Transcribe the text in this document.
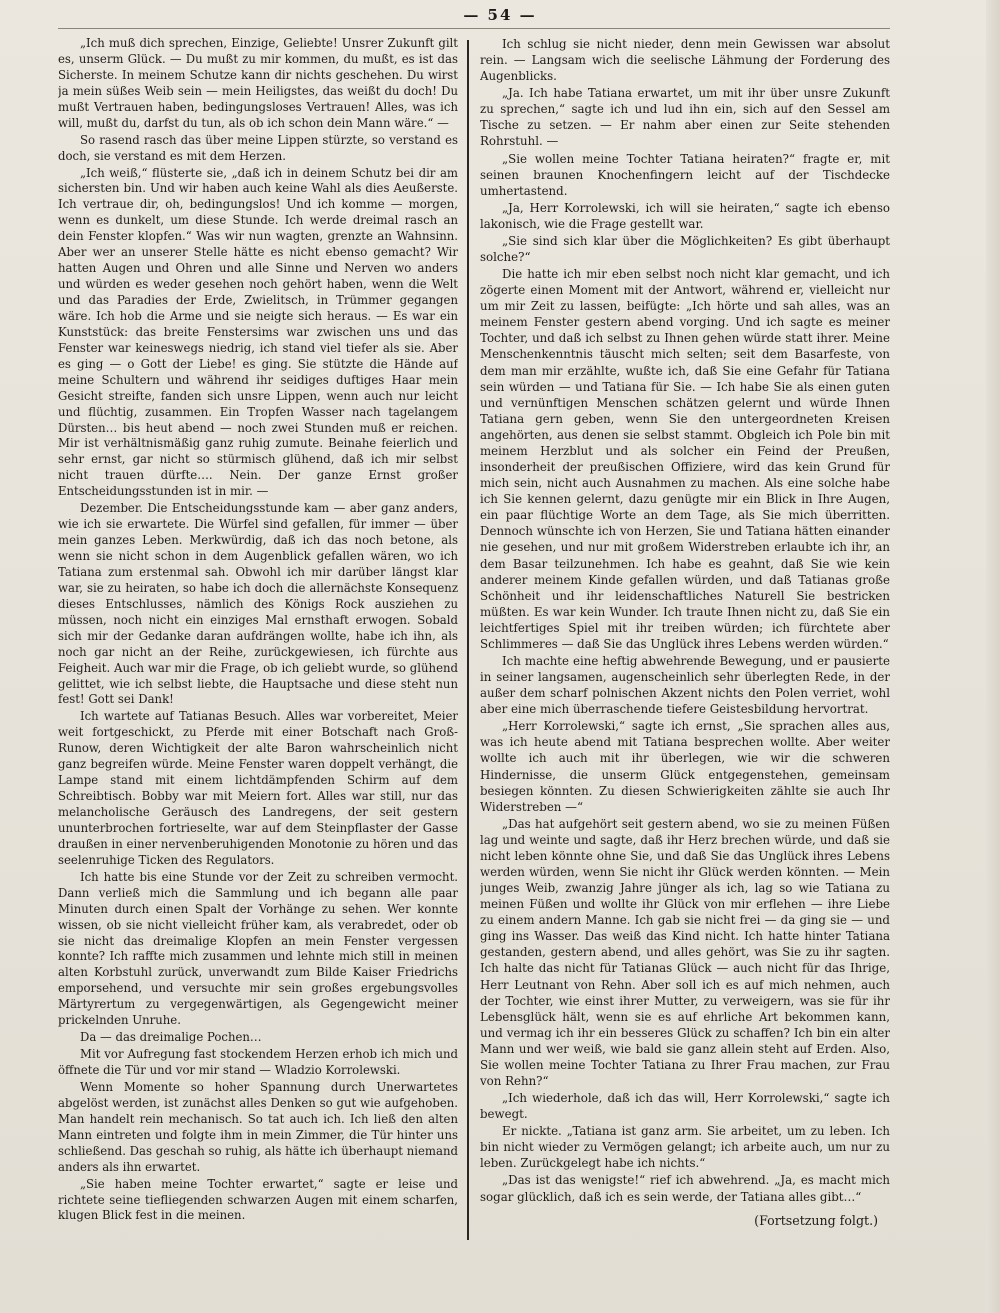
— 54 —

„Ich muß dich sprechen, Einzige, Geliebte! Unsrer Zukunft gilt es, unserm Glück. — Du mußt zu mir kommen, du mußt, es ist das Sicherste. In meinem Schutze kann dir nichts geschehen. Du wirst ja mein süßes Weib sein — mein Heiligstes, das weißt du doch! Du mußt Vertrauen haben, bedingungsloses Vertrauen! Alles, was ich will, mußt du, darfst du tun, als ob ich schon dein Mann wäre.“ —

So rasend rasch das über meine Lippen stürzte, so verstand es doch, sie verstand es mit dem Herzen.

„Ich weiß,“ flüsterte sie, „daß ich in deinem Schutz bei dir am sichersten bin. Und wir haben auch keine Wahl als dies Aeußerste. Ich vertraue dir, oh, bedingungslos! Und ich komme — morgen, wenn es dunkelt, um diese Stunde. Ich werde dreimal rasch an dein Fenster klopfen.“ Was wir nun wagten, grenzte an Wahnsinn. Aber wer an unserer Stelle hätte es nicht ebenso gemacht? Wir hatten Augen und Ohren und alle Sinne und Nerven wo anders und würden es weder gesehen noch gehört haben, wenn die Welt und das Paradies der Erde, Zwielitsch, in Trümmer gegangen wäre. Ich hob die Arme und sie neigte sich heraus. — Es war ein Kunststück: das breite Fenstersims war zwischen uns und das Fenster war keineswegs niedrig, ich stand viel tiefer als sie. Aber es ging — o Gott der Liebe! es ging. Sie stützte die Hände auf meine Schultern und während ihr seidiges duftiges Haar mein Gesicht streifte, fanden sich unsre Lippen, wenn auch nur leicht und flüchtig, zusammen. Ein Tropfen Wasser nach tagelangem Dürsten… bis heut abend — noch zwei Stunden muß er reichen. Mir ist verhältnismäßig ganz ruhig zumute. Beinahe feierlich und sehr ernst, gar nicht so stürmisch glühend, daß ich mir selbst nicht trauen dürfte…. Nein. Der ganze Ernst großer Entscheidungsstunden ist in mir. —

Dezember. Die Entscheidungsstunde kam — aber ganz anders, wie ich sie erwartete. Die Würfel sind gefallen, für immer — über mein ganzes Leben. Merkwürdig, daß ich das noch betone, als wenn sie nicht schon in dem Augenblick gefallen wären, wo ich Tatiana zum erstenmal sah. Obwohl ich mir darüber längst klar war, sie zu heiraten, so habe ich doch die allernächste Konsequenz dieses Entschlusses, nämlich des Königs Rock ausziehen zu müssen, noch nicht ein einziges Mal ernsthaft erwogen. Sobald sich mir der Gedanke daran aufdrängen wollte, habe ich ihn, als noch gar nicht an der Reihe, zurückgewiesen, ich fürchte aus Feigheit. Auch war mir die Frage, ob ich geliebt wurde, so glühend gelittet, wie ich selbst liebte, die Hauptsache und diese steht nun fest! Gott sei Dank!

Ich wartete auf Tatianas Besuch. Alles war vorbereitet, Meier weit fortgeschickt, zu Pferde mit einer Botschaft nach Groß-Runow, deren Wichtigkeit der alte Baron wahrscheinlich nicht ganz begreifen würde. Meine Fenster waren doppelt verhängt, die Lampe stand mit einem lichtdämpfenden Schirm auf dem Schreibtisch. Bobby war mit Meiern fort. Alles war still, nur das melancholische Geräusch des Landregens, der seit gestern ununterbrochen fortrieselte, war auf dem Steinpflaster der Gasse draußen in einer nervenberuhigenden Monotonie zu hören und das seelenruhige Ticken des Regulators.

Ich hatte bis eine Stunde vor der Zeit zu schreiben vermocht. Dann verließ mich die Sammlung und ich begann alle paar Minuten durch einen Spalt der Vorhänge zu sehen. Wer konnte wissen, ob sie nicht vielleicht früher kam, als verabredet, oder ob sie nicht das dreimalige Klopfen an mein Fenster vergessen konnte? Ich raffte mich zusammen und lehnte mich still in meinen alten Korbstuhl zurück, unverwandt zum Bilde Kaiser Friedrichs emporsehend, und versuchte mir sein großes ergebungsvolles Märtyrertum zu vergegenwärtigen, als Gegengewicht meiner prickelnden Unruhe.

Da — das dreimalige Pochen…

Mit vor Aufregung fast stockendem Herzen erhob ich mich und öffnete die Tür und vor mir stand — Wladzio Korrolewski.

Wenn Momente so hoher Spannung durch Unerwartetes abgelöst werden, ist zunächst alles Denken so gut wie aufgehoben. Man handelt rein mechanisch. So tat auch ich. Ich ließ den alten Mann eintreten und folgte ihm in mein Zimmer, die Tür hinter uns schließend. Das geschah so ruhig, als hätte ich überhaupt niemand anders als ihn erwartet.

„Sie haben meine Tochter erwartet,“ sagte er leise und richtete seine tiefliegenden schwarzen Augen mit einem scharfen, klugen Blick fest in die meinen.

Ich schlug sie nicht nieder, denn mein Gewissen war absolut rein. — Langsam wich die seelische Lähmung der Forderung des Augenblicks.

„Ja. Ich habe Tatiana erwartet, um mit ihr über unsre Zukunft zu sprechen,“ sagte ich und lud ihn ein, sich auf den Sessel am Tische zu setzen. — Er nahm aber einen zur Seite stehenden Rohrstuhl. —

„Sie wollen meine Tochter Tatiana heiraten?“ fragte er, mit seinen braunen Knochenfingern leicht auf der Tischdecke umhertastend.

„Ja, Herr Korrolewski, ich will sie heiraten,“ sagte ich ebenso lakonisch, wie die Frage gestellt war.

„Sie sind sich klar über die Möglichkeiten? Es gibt überhaupt solche?“

Die hatte ich mir eben selbst noch nicht klar gemacht, und ich zögerte einen Moment mit der Antwort, während er, vielleicht nur um mir Zeit zu lassen, beifügte: „Ich hörte und sah alles, was an meinem Fenster gestern abend vorging. Und ich sagte es meiner Tochter, und daß ich selbst zu Ihnen gehen würde statt ihrer. Meine Menschenkenntnis täuscht mich selten; seit dem Basarfeste, von dem man mir erzählte, wußte ich, daß Sie eine Gefahr für Tatiana sein würden — und Tatiana für Sie. — Ich habe Sie als einen guten und vernünftigen Menschen schätzen gelernt und würde Ihnen Tatiana gern geben, wenn Sie den untergeordneten Kreisen angehörten, aus denen sie selbst stammt. Obgleich ich Pole bin mit meinem Herzblut und als solcher ein Feind der Preußen, insonderheit der preußischen Offiziere, wird das kein Grund für mich sein, nicht auch Ausnahmen zu machen. Als eine solche habe ich Sie kennen gelernt, dazu genügte mir ein Blick in Ihre Augen, ein paar flüchtige Worte an dem Tage, als Sie mich überritten. Dennoch wünschte ich von Herzen, Sie und Tatiana hätten einander nie gesehen, und nur mit großem Widerstreben erlaubte ich ihr, an dem Basar teilzunehmen. Ich habe es geahnt, daß Sie wie kein anderer meinem Kinde gefallen würden, und daß Tatianas große Schönheit und ihr leidenschaftliches Naturell Sie bestricken müßten. Es war kein Wunder. Ich traute Ihnen nicht zu, daß Sie ein leichtfertiges Spiel mit ihr treiben würden; ich fürchtete aber Schlimmeres — daß Sie das Unglück ihres Lebens werden würden.“

Ich machte eine heftig abwehrende Bewegung, und er pausierte in seiner langsamen, augenscheinlich sehr überlegten Rede, in der außer dem scharf polnischen Akzent nichts den Polen verriet, wohl aber eine mich überraschende tiefere Geistesbildung hervortrat.

„Herr Korrolewski,“ sagte ich ernst, „Sie sprachen alles aus, was ich heute abend mit Tatiana besprechen wollte. Aber weiter wollte ich auch mit ihr überlegen, wie wir die schweren Hindernisse, die unserm Glück entgegenstehen, gemeinsam besiegen könnten. Zu diesen Schwierigkeiten zählte sie auch Ihr Widerstreben —“

„Das hat aufgehört seit gestern abend, wo sie zu meinen Füßen lag und weinte und sagte, daß ihr Herz brechen würde, und daß sie nicht leben könnte ohne Sie, und daß Sie das Unglück ihres Lebens werden würden, wenn Sie nicht ihr Glück werden könnten. — Mein junges Weib, zwanzig Jahre jünger als ich, lag so wie Tatiana zu meinen Füßen und wollte ihr Glück von mir erflehen — ihre Liebe zu einem andern Manne. Ich gab sie nicht frei — da ging sie — und ging ins Wasser. Das weiß das Kind nicht. Ich hatte hinter Tatiana gestanden, gestern abend, und alles gehört, was Sie zu ihr sagten. Ich halte das nicht für Tatianas Glück — auch nicht für das Ihrige, Herr Leutnant von Rehn. Aber soll ich es auf mich nehmen, auch der Tochter, wie einst ihrer Mutter, zu verweigern, was sie für ihr Lebensglück hält, wenn sie es auf ehrliche Art bekommen kann, und vermag ich ihr ein besseres Glück zu schaffen? Ich bin ein alter Mann und wer weiß, wie bald sie ganz allein steht auf Erden. Also, Sie wollen meine Tochter Tatiana zu Ihrer Frau machen, zur Frau von Rehn?“

„Ich wiederhole, daß ich das will, Herr Korrolewski,“ sagte ich bewegt.

Er nickte. „Tatiana ist ganz arm. Sie arbeitet, um zu leben. Ich bin nicht wieder zu Vermögen gelangt; ich arbeite auch, um nur zu leben. Zurückgelegt habe ich nichts.“

„Das ist das wenigste!“ rief ich abwehrend. „Ja, es macht mich sogar glücklich, daß ich es sein werde, der Tatiana alles gibt…“

(Fortsetzung folgt.)
